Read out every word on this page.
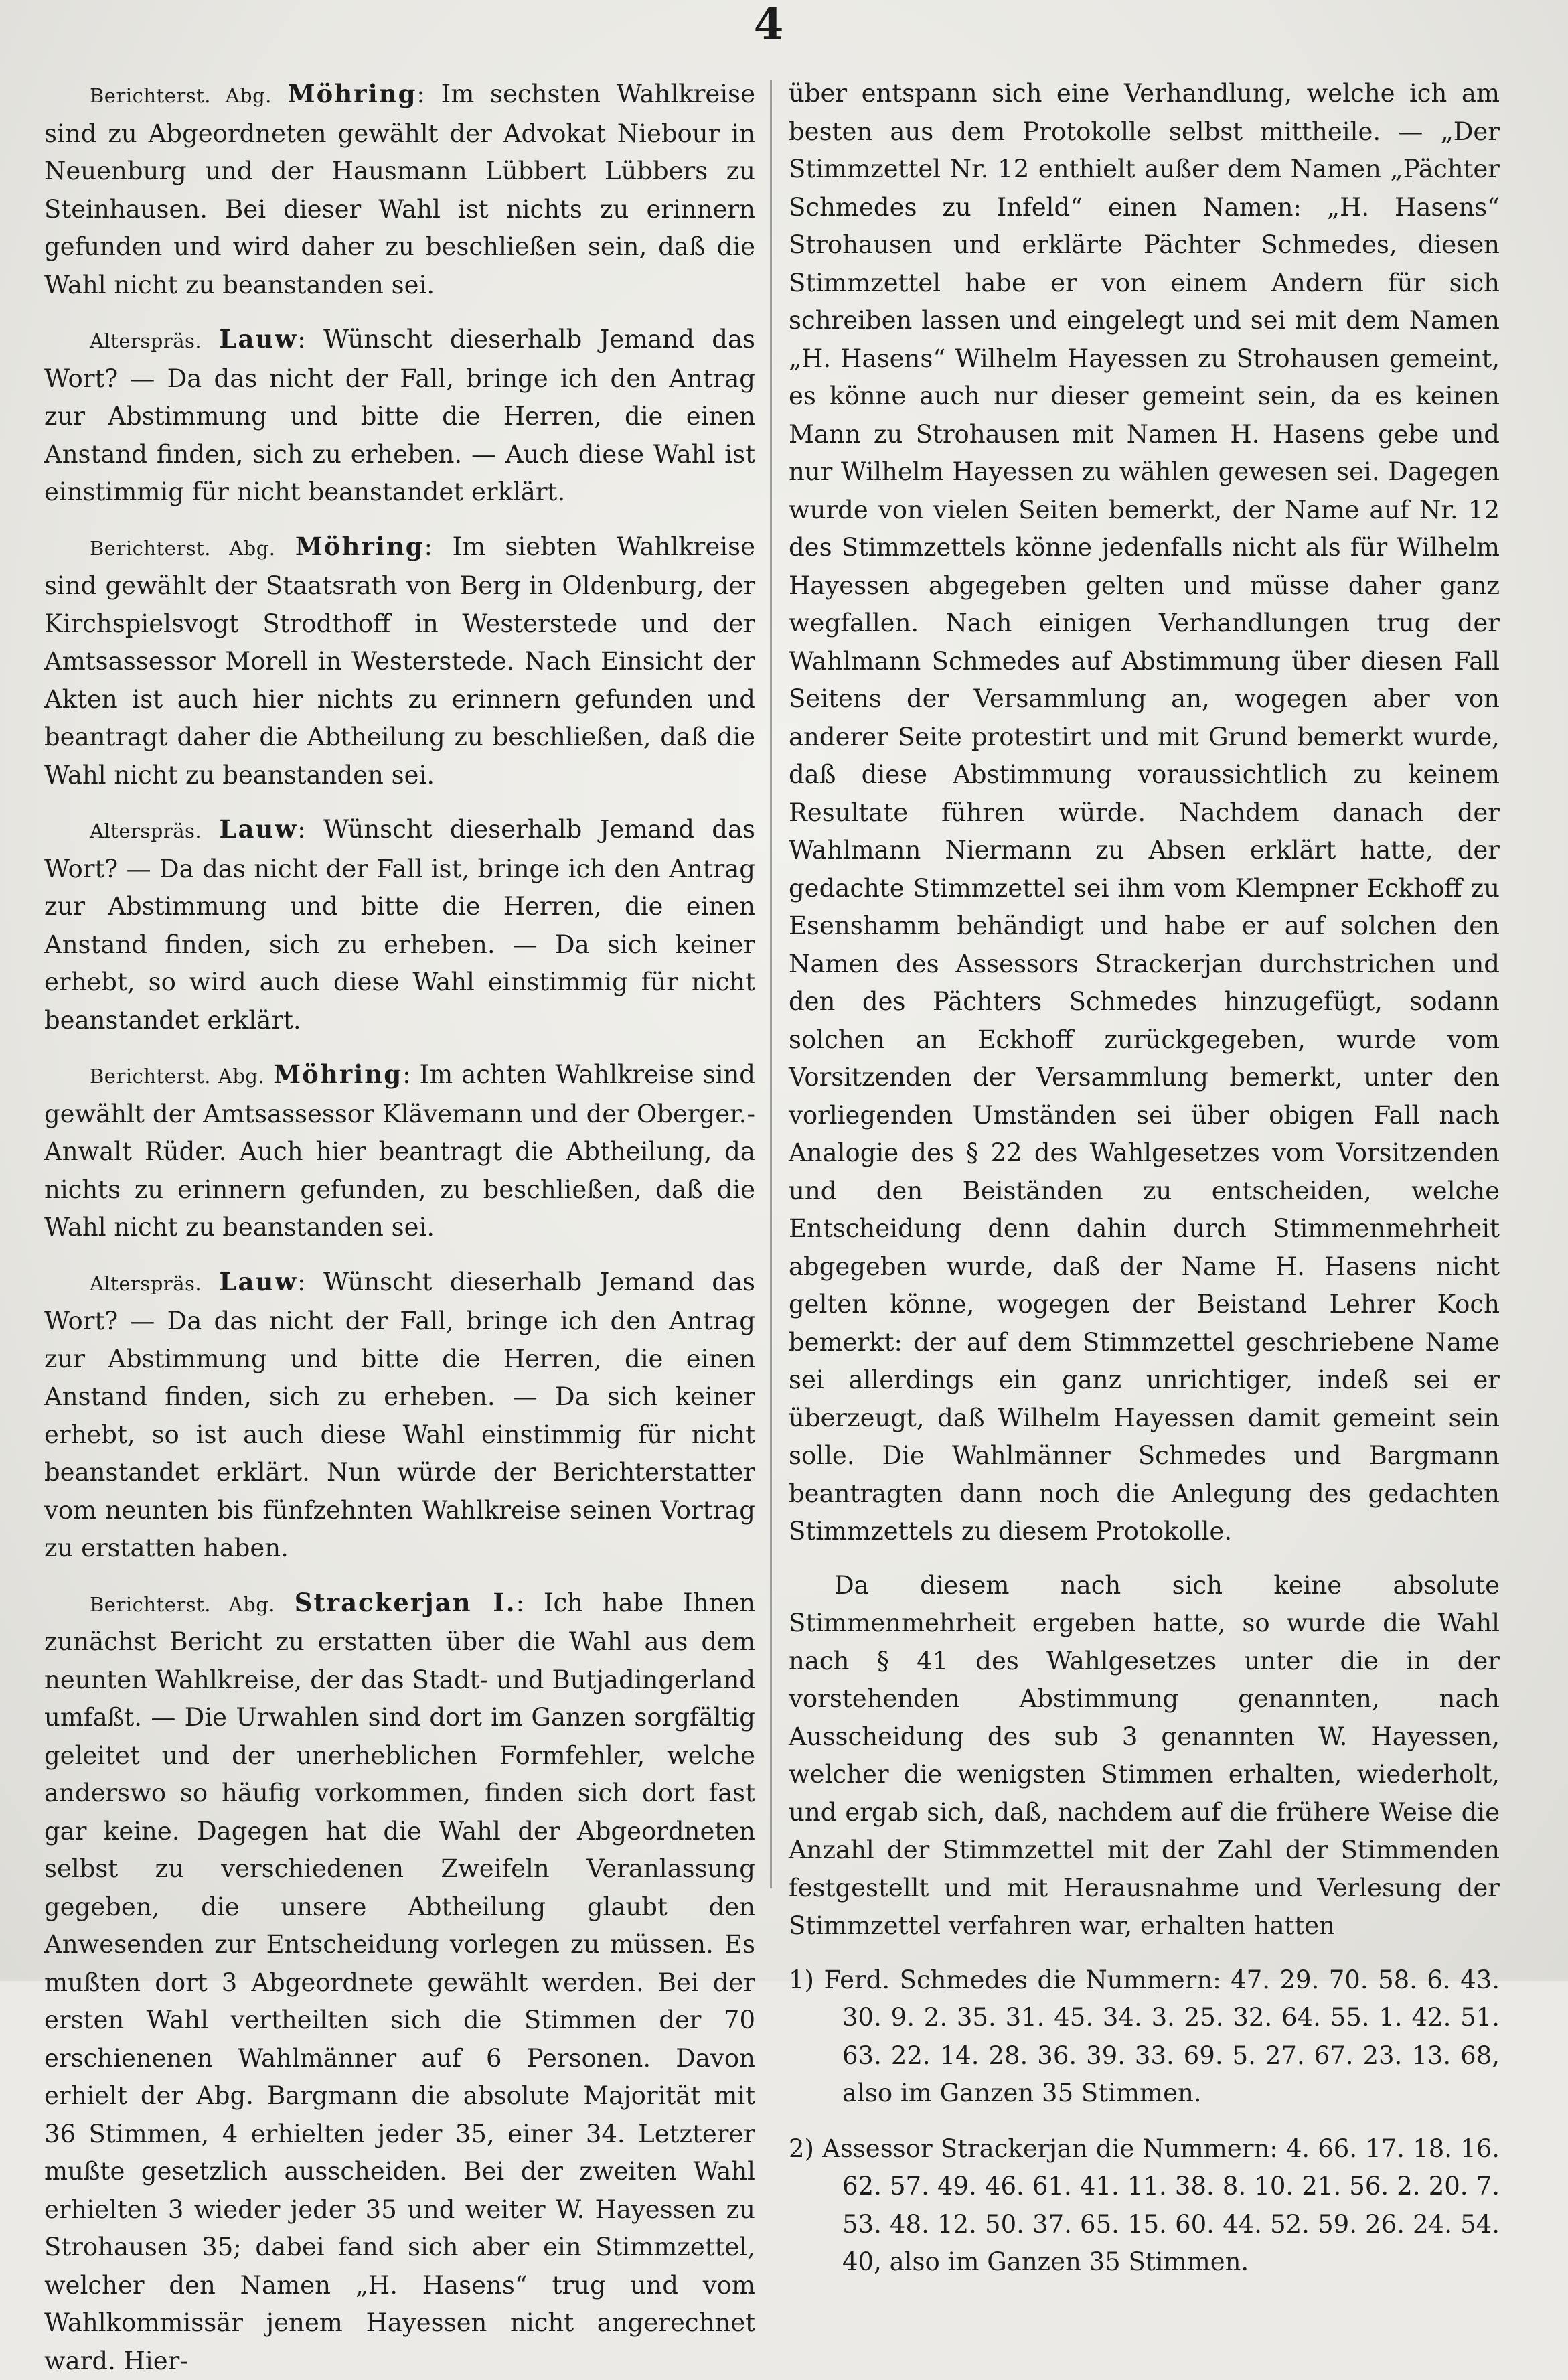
4

Berichterst. Abg. Möhring: Im sechsten Wahlkreise sind zu Abgeordneten gewählt der Advokat Niebour in Neuenburg und der Hausmann Lübbert Lübbers zu Steinhausen. Bei dieser Wahl ist nichts zu erinnern gefunden und wird daher zu beschließen sein, daß die Wahl nicht zu beanstanden sei.

Alterspräs. Lauw: Wünscht dieserhalb Jemand das Wort? — Da das nicht der Fall, bringe ich den Antrag zur Abstimmung und bitte die Herren, die einen Anstand finden, sich zu erheben. — Auch diese Wahl ist einstimmig für nicht beanstandet erklärt.

Berichterst. Abg. Möhring: Im siebten Wahlkreise sind gewählt der Staatsrath von Berg in Oldenburg, der Kirchspielsvogt Strodthoff in Westerstede und der Amtsassessor Morell in Westerstede. Nach Einsicht der Akten ist auch hier nichts zu erinnern gefunden und beantragt daher die Abtheilung zu beschließen, daß die Wahl nicht zu beanstanden sei.

Alterspräs. Lauw: Wünscht dieserhalb Jemand das Wort? — Da das nicht der Fall ist, bringe ich den Antrag zur Abstimmung und bitte die Herren, die einen Anstand finden, sich zu erheben. — Da sich keiner erhebt, so wird auch diese Wahl einstimmig für nicht beanstandet erklärt.

Berichterst. Abg. Möhring: Im achten Wahlkreise sind gewählt der Amtsassessor Klävemann und der Oberger.-Anwalt Rüder. Auch hier beantragt die Abtheilung, da nichts zu erinnern gefunden, zu beschließen, daß die Wahl nicht zu beanstanden sei.

Alterspräs. Lauw: Wünscht dieserhalb Jemand das Wort? — Da das nicht der Fall, bringe ich den Antrag zur Abstimmung und bitte die Herren, die einen Anstand finden, sich zu erheben. — Da sich keiner erhebt, so ist auch diese Wahl einstimmig für nicht beanstandet erklärt. Nun würde der Berichterstatter vom neunten bis fünfzehnten Wahlkreise seinen Vortrag zu erstatten haben.

Berichterst. Abg. Strackerjan I.: Ich habe Ihnen zunächst Bericht zu erstatten über die Wahl aus dem neunten Wahlkreise, der das Stadt- und Butjadingerland umfaßt. — Die Urwahlen sind dort im Ganzen sorgfältig geleitet und der unerheblichen Formfehler, welche anderswo so häufig vorkommen, finden sich dort fast gar keine. Dagegen hat die Wahl der Abgeordneten selbst zu verschiedenen Zweifeln Veranlassung gegeben, die unsere Abtheilung glaubt den Anwesenden zur Entscheidung vorlegen zu müssen. Es mußten dort 3 Abgeordnete gewählt werden. Bei der ersten Wahl vertheilten sich die Stimmen der 70 erschienenen Wahlmänner auf 6 Personen. Davon erhielt der Abg. Bargmann die absolute Majorität mit 36 Stimmen, 4 erhielten jeder 35, einer 34. Letzterer mußte gesetzlich ausscheiden. Bei der zweiten Wahl erhielten 3 wieder jeder 35 und weiter W. Hayessen zu Strohausen 35; dabei fand sich aber ein Stimmzettel, welcher den Namen „H. Hasens“ trug und vom Wahlkommissär jenem Hayessen nicht angerechnet ward. Hier-

über entspann sich eine Verhandlung, welche ich am besten aus dem Protokolle selbst mittheile. — „Der Stimmzettel Nr. 12 enthielt außer dem Namen „Pächter Schmedes zu Infeld“ einen Namen: „H. Hasens“ Strohausen und erklärte Pächter Schmedes, diesen Stimmzettel habe er von einem Andern für sich schreiben lassen und eingelegt und sei mit dem Namen „H. Hasens“ Wilhelm Hayessen zu Strohausen gemeint, es könne auch nur dieser gemeint sein, da es keinen Mann zu Strohausen mit Namen H. Hasens gebe und nur Wilhelm Hayessen zu wählen gewesen sei. Dagegen wurde von vielen Seiten bemerkt, der Name auf Nr. 12 des Stimmzettels könne jedenfalls nicht als für Wilhelm Hayessen abgegeben gelten und müsse daher ganz wegfallen. Nach einigen Verhandlungen trug der Wahlmann Schmedes auf Abstimmung über diesen Fall Seitens der Versammlung an, wogegen aber von anderer Seite protestirt und mit Grund bemerkt wurde, daß diese Abstimmung voraussichtlich zu keinem Resultate führen würde. Nachdem danach der Wahlmann Niermann zu Absen erklärt hatte, der gedachte Stimmzettel sei ihm vom Klempner Eckhoff zu Esenshamm behändigt und habe er auf solchen den Namen des Assessors Strackerjan durchstrichen und den des Pächters Schmedes hinzugefügt, sodann solchen an Eckhoff zurückgegeben, wurde vom Vorsitzenden der Versammlung bemerkt, unter den vorliegenden Umständen sei über obigen Fall nach Analogie des § 22 des Wahlgesetzes vom Vorsitzenden und den Beiständen zu entscheiden, welche Entscheidung denn dahin durch Stimmenmehrheit abgegeben wurde, daß der Name H. Hasens nicht gelten könne, wogegen der Beistand Lehrer Koch bemerkt: der auf dem Stimmzettel geschriebene Name sei allerdings ein ganz unrichtiger, indeß sei er überzeugt, daß Wilhelm Hayessen damit gemeint sein solle. Die Wahlmänner Schmedes und Bargmann beantragten dann noch die Anlegung des gedachten Stimmzettels zu diesem Protokolle.

Da diesem nach sich keine absolute Stimmenmehrheit ergeben hatte, so wurde die Wahl nach § 41 des Wahlgesetzes unter die in der vorstehenden Abstimmung genannten, nach Ausscheidung des sub 3 genannten W. Hayessen, welcher die wenigsten Stimmen erhalten, wiederholt, und ergab sich, daß, nachdem auf die frühere Weise die Anzahl der Stimmzettel mit der Zahl der Stimmenden festgestellt und mit Herausnahme und Verlesung der Stimmzettel verfahren war, erhalten hatten

1) Ferd. Schmedes die Nummern: 47. 29. 70. 58. 6. 43. 30. 9. 2. 35. 31. 45. 34. 3. 25. 32. 64. 55. 1. 42. 51. 63. 22. 14. 28. 36. 39. 33. 69. 5. 27. 67. 23. 13. 68, also im Ganzen 35 Stimmen.

2) Assessor Strackerjan die Nummern: 4. 66. 17. 18. 16. 62. 57. 49. 46. 61. 41. 11. 38. 8. 10. 21. 56. 2. 20. 7. 53. 48. 12. 50. 37. 65. 15. 60. 44. 52. 59. 26. 24. 54. 40, also im Ganzen 35 Stimmen.
